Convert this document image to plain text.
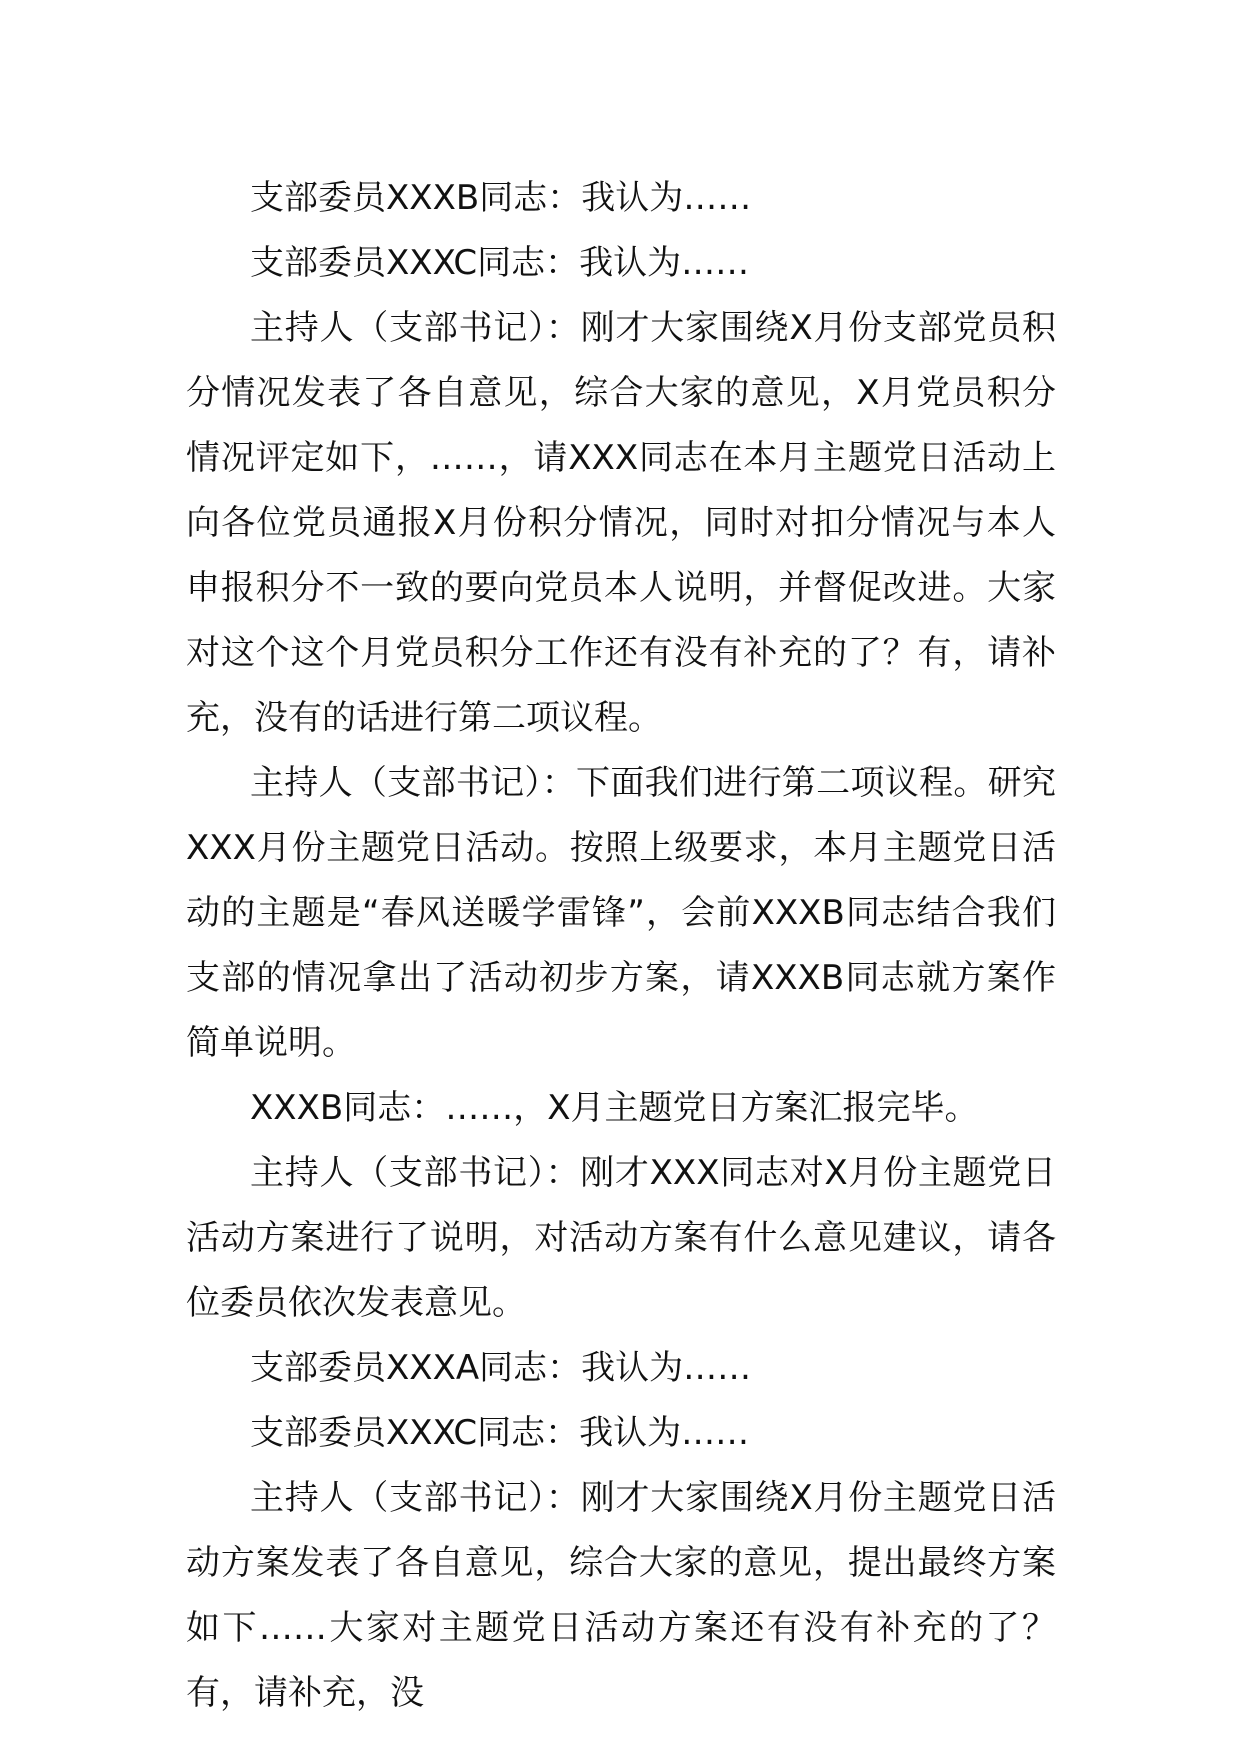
支部委员XXXB同志：我认为……

支部委员XXXC同志：我认为……

主持人（支部书记）：刚才大家围绕X月份支部党员积分情况发表了各自意见，综合大家的意见，X月党员积分情况评定如下，……，请XXX同志在本月主题党日活动上向各位党员通报X月份积分情况，同时对扣分情况与本人申报积分不一致的要向党员本人说明，并督促改进。大家对这个这个月党员积分工作还有没有补充的了？有，请补充，没有的话进行第二项议程。

主持人（支部书记）：下面我们进行第二项议程。研究XXX月份主题党日活动。按照上级要求，本月主题党日活动的主题是“春风送暖学雷锋”，会前XXXB同志结合我们支部的情况拿出了活动初步方案，请XXXB同志就方案作简单说明。

XXXB同志：……，X月主题党日方案汇报完毕。

主持人（支部书记）：刚才XXX同志对X月份主题党日活动方案进行了说明，对活动方案有什么意见建议，请各位委员依次发表意见。

支部委员XXXA同志：我认为……

支部委员XXXC同志：我认为……

主持人（支部书记）：刚才大家围绕X月份主题党日活动方案发表了各自意见，综合大家的意见，提出最终方案如下……大家对主题党日活动方案还有没有补充的了？有，请补充，没
